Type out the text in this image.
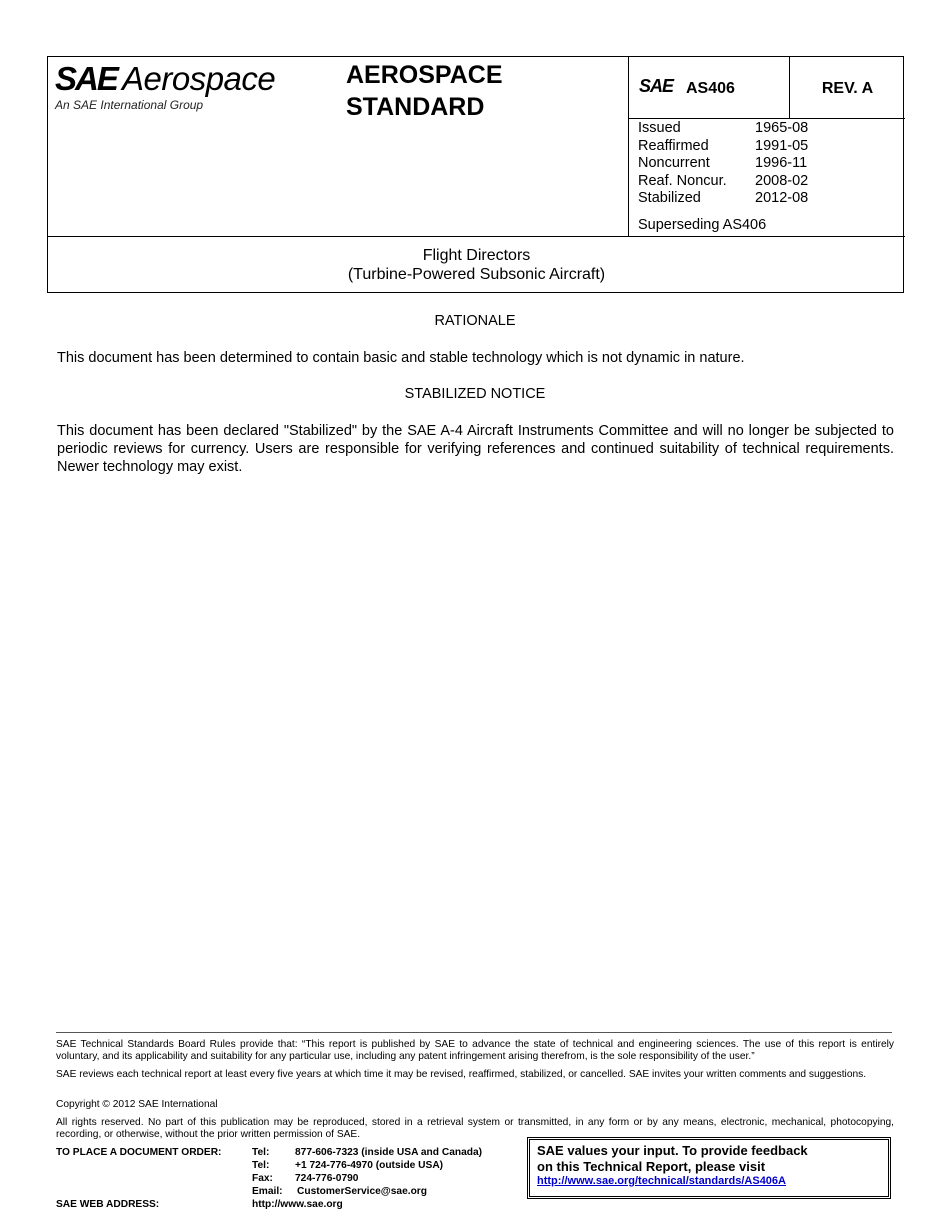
SAE Aerospace
An SAE International Group
AEROSPACE
STANDARD
SAE AS406	REV. A
Issued	1965-08
Reaffirmed	1991-05
Noncurrent	1996-11
Reaf. Noncur.	2008-02
Stabilized	2012-08
Superseding AS406
Flight Directors
(Turbine-Powered Subsonic Aircraft)
RATIONALE
This document has been determined to contain basic and stable technology which is not dynamic in nature.
STABILIZED NOTICE
This document has been declared "Stabilized" by the SAE A-4 Aircraft Instruments Committee and will no longer be subjected to periodic reviews for currency. Users are responsible for verifying references and continued suitability of technical requirements. Newer technology may exist.
SAE Technical Standards Board Rules provide that: “This report is published by SAE to advance the state of technical and engineering sciences. The use of this report is entirely voluntary, and its applicability and suitability for any particular use, including any patent infringement arising therefrom, is the sole responsibility of the user.”
SAE reviews each technical report at least every five years at which time it may be revised, reaffirmed, stabilized, or cancelled. SAE invites your written comments and suggestions.
Copyright © 2012 SAE International
All rights reserved. No part of this publication may be reproduced, stored in a retrieval system or transmitted, in any form or by any means, electronic, mechanical, photocopying, recording, or otherwise, without the prior written permission of SAE.
TO PLACE A DOCUMENT ORDER:	Tel:	877-606-7323 (inside USA and Canada)
Tel:	+1 724-776-4970 (outside USA)
Fax: 724-776-0790
Email: CustomerService@sae.org
SAE WEB ADDRESS:	http://www.sae.org
SAE values your input. To provide feedback
on this Technical Report, please visit
http://www.sae.org/technical/standards/AS406A
